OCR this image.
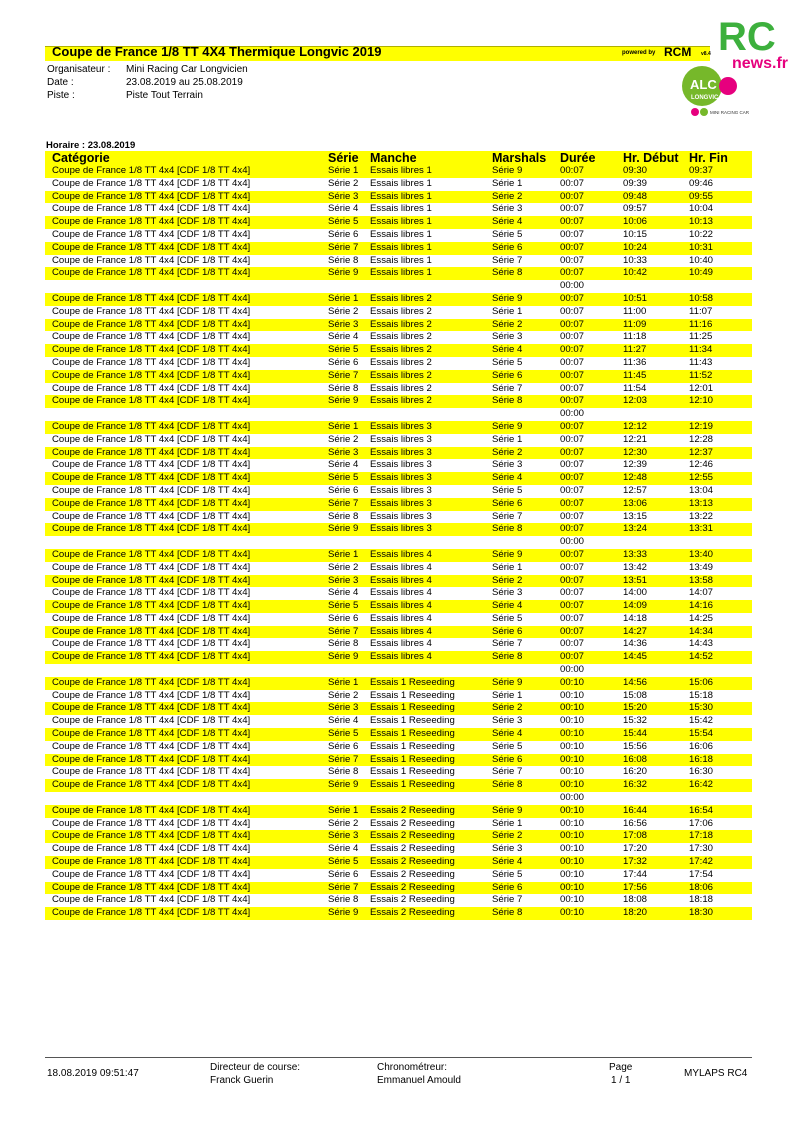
Coupe de France 1/8 TT 4X4 Thermique Longvic 2019	powered by RCM v8.4 RC
news.fr
ALC
LONGVIC
MINI RACING CAR
Organisateur : Mini Racing Car Longvicien
Date :	23.08.2019 au 25.08.2019
Piste :	Piste Tout Terrain
Horaire : 23.08.2019
Catégorie	Série Manche	Marshals Durée Hr. Début Hr. Fin
Coupe de France 1/8 TT 4x4 [CDF 1/8 TT 4x4]	Série 1 Essais libres 1	Série 9	00:07	09:30	09:37
Coupe de France 1/8 TT 4x4 [CDF 1/8 TT 4x4]	Série 2 Essais libres 1	Série 1	00:07	09:39	09:46
Coupe de France 1/8 TT 4x4 [CDF 1/8 TT 4x4]	Série 3 Essais libres 1	Série 2	00:07	09:48	09:55
Coupe de France 1/8 TT 4x4 [CDF 1/8 TT 4x4]	Série 4 Essais libres 1	Série 3	00:07	09:57	10:04
Coupe de France 1/8 TT 4x4 [CDF 1/8 TT 4x4]	Série 5 Essais libres 1	Série 4	00:07	10:06	10:13
Coupe de France 1/8 TT 4x4 [CDF 1/8 TT 4x4]	Série 6 Essais libres 1	Série 5	00:07	10:15	10:22
Coupe de France 1/8 TT 4x4 [CDF 1/8 TT 4x4]	Série 7 Essais libres 1	Série 6	00:07	10:24	10:31
Coupe de France 1/8 TT 4x4 [CDF 1/8 TT 4x4]	Série 8 Essais libres 1	Série 7	00:07	10:33	10:40
Coupe de France 1/8 TT 4x4 [CDF 1/8 TT 4x4]	Série 9 Essais libres 1	Série 8	00:07	10:42	10:49
00:00
Coupe de France 1/8 TT 4x4 [CDF 1/8 TT 4x4]	Série 1 Essais libres 2	Série 9	00:07	10:51	10:58
Coupe de France 1/8 TT 4x4 [CDF 1/8 TT 4x4]	Série 2 Essais libres 2	Série 1	00:07	11:00	11:07
Coupe de France 1/8 TT 4x4 [CDF 1/8 TT 4x4]	Série 3 Essais libres 2	Série 2	00:07	11:09	11:16
Coupe de France 1/8 TT 4x4 [CDF 1/8 TT 4x4]	Série 4 Essais libres 2	Série 3	00:07	11:18	11:25
Coupe de France 1/8 TT 4x4 [CDF 1/8 TT 4x4]	Série 5 Essais libres 2	Série 4	00:07	11:27	11:34
Coupe de France 1/8 TT 4x4 [CDF 1/8 TT 4x4]	Série 6 Essais libres 2	Série 5	00:07	11:36	11:43
Coupe de France 1/8 TT 4x4 [CDF 1/8 TT 4x4]	Série 7 Essais libres 2	Série 6	00:07	11:45	11:52
Coupe de France 1/8 TT 4x4 [CDF 1/8 TT 4x4]	Série 8 Essais libres 2	Série 7	00:07	11:54	12:01
Coupe de France 1/8 TT 4x4 [CDF 1/8 TT 4x4]	Série 9 Essais libres 2	Série 8	00:07	12:03	12:10
00:00
Coupe de France 1/8 TT 4x4 [CDF 1/8 TT 4x4]	Série 1 Essais libres 3	Série 9	00:07	12:12	12:19
Coupe de France 1/8 TT 4x4 [CDF 1/8 TT 4x4]	Série 2 Essais libres 3	Série 1	00:07	12:21	12:28
Coupe de France 1/8 TT 4x4 [CDF 1/8 TT 4x4]	Série 3 Essais libres 3	Série 2	00:07	12:30	12:37
Coupe de France 1/8 TT 4x4 [CDF 1/8 TT 4x4]	Série 4 Essais libres 3	Série 3	00:07	12:39	12:46
Coupe de France 1/8 TT 4x4 [CDF 1/8 TT 4x4]	Série 5 Essais libres 3	Série 4	00:07	12:48	12:55
Coupe de France 1/8 TT 4x4 [CDF 1/8 TT 4x4]	Série 6 Essais libres 3	Série 5	00:07	12:57	13:04
Coupe de France 1/8 TT 4x4 [CDF 1/8 TT 4x4]	Série 7 Essais libres 3	Série 6	00:07	13:06	13:13
Coupe de France 1/8 TT 4x4 [CDF 1/8 TT 4x4]	Série 8 Essais libres 3	Série 7	00:07	13:15	13:22
Coupe de France 1/8 TT 4x4 [CDF 1/8 TT 4x4]	Série 9 Essais libres 3	Série 8	00:07	13:24	13:31
00:00
Coupe de France 1/8 TT 4x4 [CDF 1/8 TT 4x4]	Série 1 Essais libres 4	Série 9	00:07	13:33	13:40
Coupe de France 1/8 TT 4x4 [CDF 1/8 TT 4x4]	Série 2 Essais libres 4	Série 1	00:07	13:42	13:49
Coupe de France 1/8 TT 4x4 [CDF 1/8 TT 4x4]	Série 3 Essais libres 4	Série 2	00:07	13:51	13:58
Coupe de France 1/8 TT 4x4 [CDF 1/8 TT 4x4]	Série 4 Essais libres 4	Série 3	00:07	14:00	14:07
Coupe de France 1/8 TT 4x4 [CDF 1/8 TT 4x4]	Série 5 Essais libres 4	Série 4	00:07	14:09	14:16
Coupe de France 1/8 TT 4x4 [CDF 1/8 TT 4x4]	Série 6 Essais libres 4	Série 5	00:07	14:18	14:25
Coupe de France 1/8 TT 4x4 [CDF 1/8 TT 4x4]	Série 7 Essais libres 4	Série 6	00:07	14:27	14:34
Coupe de France 1/8 TT 4x4 [CDF 1/8 TT 4x4]	Série 8 Essais libres 4	Série 7	00:07	14:36	14:43
Coupe de France 1/8 TT 4x4 [CDF 1/8 TT 4x4]	Série 9 Essais libres 4	Série 8	00:07	14:45	14:52
00:00
Coupe de France 1/8 TT 4x4 [CDF 1/8 TT 4x4]	Série 1 Essais 1 Reseeding	Série 9	00:10	14:56	15:06
Coupe de France 1/8 TT 4x4 [CDF 1/8 TT 4x4]	Série 2 Essais 1 Reseeding	Série 1	00:10	15:08	15:18
Coupe de France 1/8 TT 4x4 [CDF 1/8 TT 4x4]	Série 3 Essais 1 Reseeding	Série 2	00:10	15:20	15:30
Coupe de France 1/8 TT 4x4 [CDF 1/8 TT 4x4]	Série 4 Essais 1 Reseeding	Série 3	00:10	15:32	15:42
Coupe de France 1/8 TT 4x4 [CDF 1/8 TT 4x4]	Série 5 Essais 1 Reseeding	Série 4	00:10	15:44	15:54
Coupe de France 1/8 TT 4x4 [CDF 1/8 TT 4x4]	Série 6 Essais 1 Reseeding	Série 5	00:10	15:56	16:06
Coupe de France 1/8 TT 4x4 [CDF 1/8 TT 4x4]	Série 7 Essais 1 Reseeding	Série 6	00:10	16:08	16:18
Coupe de France 1/8 TT 4x4 [CDF 1/8 TT 4x4]	Série 8 Essais 1 Reseeding	Série 7	00:10	16:20	16:30
Coupe de France 1/8 TT 4x4 [CDF 1/8 TT 4x4]	Série 9 Essais 1 Reseeding	Série 8	00:10	16:32	16:42
00:00
Coupe de France 1/8 TT 4x4 [CDF 1/8 TT 4x4]	Série 1 Essais 2 Reseeding	Série 9	00:10	16:44	16:54
Coupe de France 1/8 TT 4x4 [CDF 1/8 TT 4x4]	Série 2 Essais 2 Reseeding	Série 1	00:10	16:56	17:06
Coupe de France 1/8 TT 4x4 [CDF 1/8 TT 4x4]	Série 3 Essais 2 Reseeding	Série 2	00:10	17:08	17:18
Coupe de France 1/8 TT 4x4 [CDF 1/8 TT 4x4]	Série 4 Essais 2 Reseeding	Série 3	00:10	17:20	17:30
Coupe de France 1/8 TT 4x4 [CDF 1/8 TT 4x4]	Série 5 Essais 2 Reseeding	Série 4	00:10	17:32	17:42
Coupe de France 1/8 TT 4x4 [CDF 1/8 TT 4x4]	Série 6 Essais 2 Reseeding	Série 5	00:10	17:44	17:54
Coupe de France 1/8 TT 4x4 [CDF 1/8 TT 4x4]	Série 7 Essais 2 Reseeding	Série 6	00:10	17:56	18:06
Coupe de France 1/8 TT 4x4 [CDF 1/8 TT 4x4]	Série 8 Essais 2 Reseeding	Série 7	00:10	18:08	18:18
Coupe de France 1/8 TT 4x4 [CDF 1/8 TT 4x4]	Série 9 Essais 2 Reseeding	Série 8	00:10	18:20	18:30
18.08.2019 09:51:47
Directeur de course:
Franck Guerin
Chronométreur:
Emmanuel Amould
Page
1 / 1
MYLAPS RC4
